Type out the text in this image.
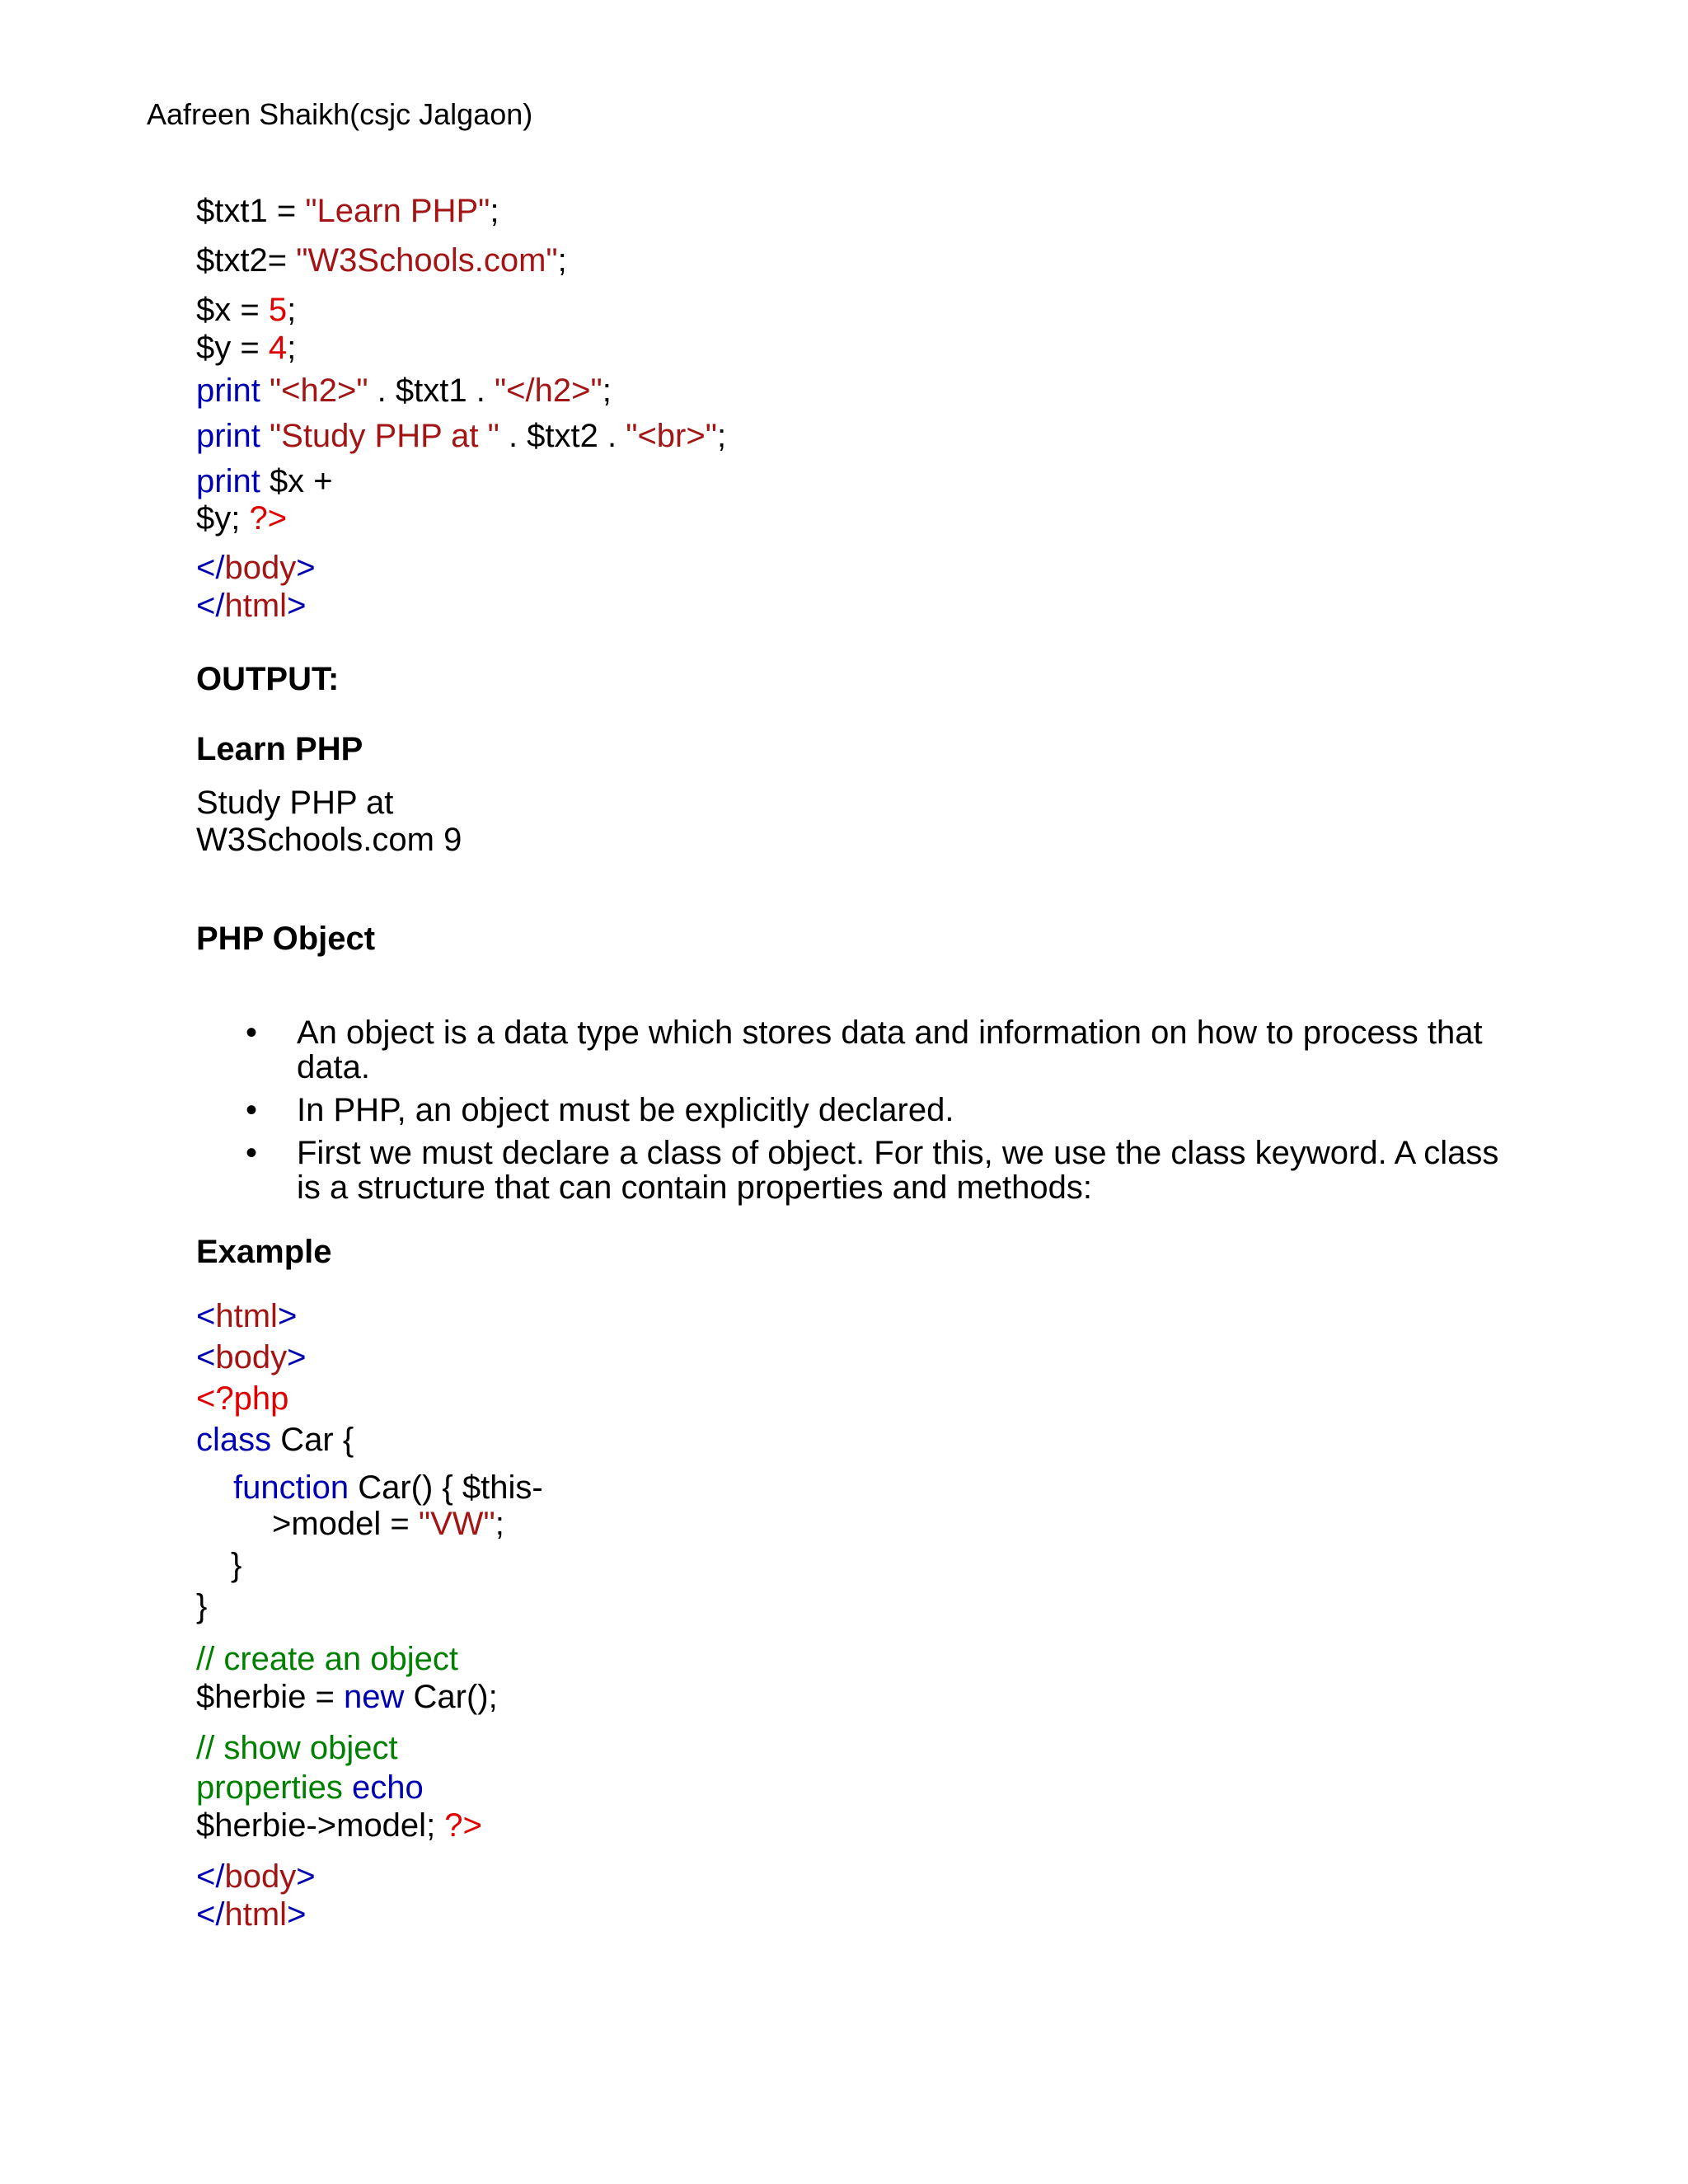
Aafreen Shaikh(csjc Jalgaon)
$txt1 = "Learn PHP";
$txt2= "W3Schools.com";
$x = 5;
$y = 4;
print "<h2>" . $txt1 . "</h2>";
print "Study PHP at " . $txt2 . "<br>";
print $x +
$y; ?>
</body>
</html>
OUTPUT:
Learn PHP
Study PHP at
W3Schools.com 9
PHP Object
• An object is a data type which stores data and information on how to process that data.
• In PHP, an object must be explicitly declared.
• First we must declare a class of object. For this, we use the class keyword. A class is a structure that can contain properties and methods:
Example
<html>
<body>
<?php
class Car {
function Car() { $this-
>model = "VW";
}
}
// create an object
$herbie = new Car();
// show object
properties echo
$herbie->model; ?>
</body>
</html>
